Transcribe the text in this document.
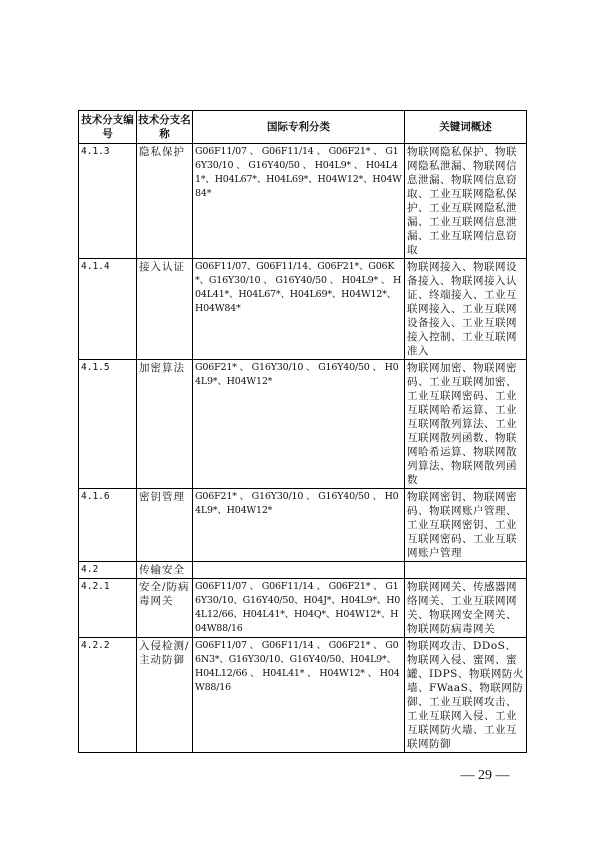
技术分支编号	技术分支名称	国际专利分类	关键词概述
4.1.3	隐私保护	G06F11/07 、 G06F11/14 、 G06F21* 、 G16Y30/10 、 G16Y40/50 、 H04L9* 、 H04L41*、H04L67*、H04L69*、H04W12*、H04W84*	物联网隐私保护、物联网隐私泄漏、物联网信息泄漏、物联网信息窃取、工业互联网隐私保护、工业互联网隐私泄漏、工业互联网信息泄漏、工业互联网信息窃取
4.1.4	接入认证	G06F11/07、G06F11/14、G06F21*、G06K*、G16Y30/10 、 G16Y40/50 、 H04L9* 、 H04L41*、H04L67*、H04L69*、H04W12*、H04W84*	物联网接入、物联网设备接入、物联网接入认证、终端接入、工业互联网接入、工业互联网设备接入、工业互联网接入控制、工业互联网准入
4.1.5	加密算法	G06F21* 、 G16Y30/10 、 G16Y40/50 、 H04L9*、H04W12*	物联网加密、物联网密码、工业互联网加密、工业互联网密码、工业互联网哈希运算、工业互联网散列算法、工业互联网散列函数、物联网哈希运算、物联网散列算法、物联网散列函数
4.1.6	密钥管理	G06F21* 、 G16Y30/10 、 G16Y40/50 、 H04L9*、H04W12*	物联网密钥、物联网密码、物联网账户管理、工业互联网密钥、工业互联网密码、工业互联网账户管理
4.2	传输安全		
4.2.1	安全/防病毒网关	G06F11/07 、 G06F11/14 、 G06F21* 、 G16Y30/10、G16Y40/50、H04J*、H04L9*、H04L12/66、H04L41*、H04Q*、H04W12*、H04W88/16	物联网网关、传感器网络网关、工业互联网网关、物联网安全网关、物联网防病毒网关
4.2.2	入侵检测/主动防御	G06F11/07 、 G06F11/14 、 G06F21* 、 G06N3*、G16Y30/10、G16Y40/50、H04L9*、H04L12/66 、 H04L41* 、 H04W12* 、 H04W88/16	物联网攻击、DDoS、物联网入侵、蜜网、蜜罐、IDPS、物联网防火墙、FWaaS、物联网防御、工业互联网攻击、工业互联网入侵、工业互联网防火墙、工业互联网防御
— 29 —
